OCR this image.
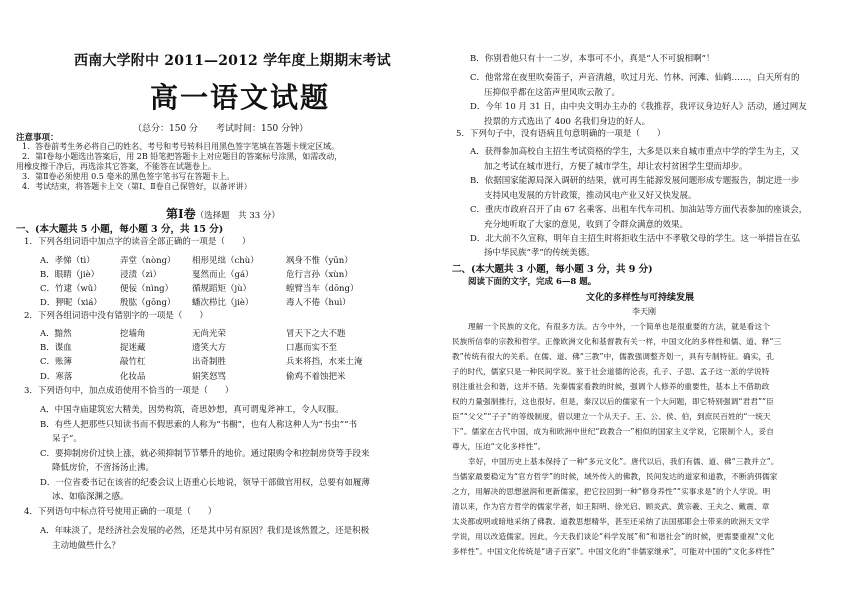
西南大学附中 2011—2012 学年度上期期末考试
高一语文试题
（总分：150 分　　考试时间：150 分钟）
注意事项：
1．答卷前考生务必将自己的姓名、考号和考号转科目用黑色签字笔填在答题卡规定区域。
2．第Ⅰ卷每小题选出答案后，用 2B 铅笔把答题卡上对应题目的答案标号涂黑，如需改动，
用橡皮擦干净后，再选涂其它答案，不能答在试题卷上。
3．第Ⅱ卷必须使用 0.5 毫米的黑色签字笔书写在答题卡上。
4．考试结束，将答题卡上交（第Ⅰ、Ⅱ卷自己保管好，以备评讲）
第Ⅰ卷（选择题　共 33 分）
一、(本大题共 5 小题，每小题 3 分，共 15 分)
1．下列各组词语中加点字的读音全部正确的一项是（　　）
A．孝悌（tì）	弄堂（nòng） 相形见绌（chù）	飒身不惟（yūn）
B．眼睛（jiè） 浸渍（zì）	戛然而止（gá）	危行言孙（xùn）
C．竹逮（wǔ） 便佞（nìng） 循规蹈矩（jù）	蝗臂当车（dōng）
D．狎昵（xiá） 殷肱（gōng） 蟠次栉比（jiè）	毒人不倦（huì）
2．下列各组词语中没有错别字的一项是（　　）
A．黯然	挖墙角	无尚光荣	冒天下之大不韪
B．谍血	捉迷藏	遗笑大方	口惠而实不至
C．账簿	敲竹杠	出奇制胜	兵来将挡，水来土淹
D．寒落	化妆品	娟笑怒骂	偷鸡不着蚀把米
3．下列语句中，加点成语使用不恰当的一项是（　　）
A．中国寺庙建筑宏大精美，因势构筑，奇思妙想，真可谓鬼斧神工，令人叹服。
B．有些人把那些只知读书而不假思索的人称为“书橱”，也有人称这种人为“书虫”“书
呆子”。
C．要抑制房价过快上涨，就必须抑制节节攀升的地价。通过限购令和控制房贷等手段来
降低房价，不啻扬汤止沸。
D．一位省委书记在该省的纪委会议上语重心长地说，领导干部做官用权，总要有如履薄
冰、如临深渊之感。
4．下列语句中标点符号使用正确的一项是（　　）
A．年味淡了，是经济社会发展的必然，还是其中另有原因？我们是该然置之，还是积极
主动地做些什么？
B．你别看他只有十一二岁，本事可不小，真是“人不可貌相啊”！
C．他常常在夜里吹奏笛子，声音清越，吹过月光、竹林、河滩、仙鹤……，白天所有的
压抑似乎都在这笛声里风吹云散了。
D．今年 10 月 31 日，由中央文明办主办的《我推荐，我评议身边好人》活动，通过网友
投票的方式选出了 400 名我们身边的好人。
5．下列句子中，没有语病且句意明确的一项是（　　）
A．获得参加高校自主招生考试资格的学生，大多是以来自城市重点中学的学生为主，又
加之考试在城市进行，方便了城市学生，却让农村贫困学生望而却步。
B．依据国家能源局深入调研的结果，就可再生能源发展问题形成专题报告，制定进一步
支持风电发展的方针政策，推动风电产业又好又快发展。
C．重庆市政府召开了由 67 名乘客、出租车代车司机、加油站等方面代表参加的座谈会，
充分地听取了大家的意见，收到了令群众满意的效果。
D．北大前不久宣称，明年自主招生时将拒收生活中不孝敬父母的学生。这一举措旨在弘
扬中华民族“孝”的传统美德。
二、(本大题共 3 小题，每小题 3 分，共 9 分)
阅读下面的文字，完成 6—8 题。
文化的多样性与可持续发展
李天刚
理解一个民族的文化，有很多方法。古今中外，一个简单也是很重要的方法，就是看这个
民族所信奉的宗教和哲学。正像欧洲文化和基督教有关一样，中国文化的多样性和儒、道、释“三
教”传统有很大的关系。在儒、道、佛“三教”中，儒教强调整齐划一，具有专制特征。确实，孔
子的时代，儒家只是一种民间学说。鉴于社会道德的沦丧，孔子、子思、孟子这一派的学说特
别注重社会和谐，这并不错。先秦儒家看教的时候，强调个人修养的重要性，基本上不借助政
权的力量强制推行，这也很好。但是，秦汉以后的儒家有一个大问题，即它特别强调“君君”“臣
臣”“父父”“子子”的等级制度，借以建立一个从天子、王、公、侯、伯，到庶民百姓的“一统天
下”。儒家在古代中国，成为和欧洲中世纪“政教合一”相似的国家主义学说，它限制个人，妥自
尊大，压迫“文化多样性”。
幸好，中国历史上基本保持了一种“多元文化”。唐代以后，我们有儒、道、佛“三教并立”。
当儒家最要稳定为“官方哲学”的时候，域外传入的佛教，民间发达的道家和道教，不断消弭儒家
之方，用解决的思想滋润和更新儒家，把它拉回到一种“修身养性”“实事求是”的个人学说。明
清以来，作为官方哲学的儒家学者，如王阳明、徐光启、顾炎武、黄宗羲、王夫之、戴震、章
太炎都或明或暗地采纳了佛教、道教思想精华，甚至还采纳了法国那耶会士带来的欧洲天文学
学说，用以改造儒家。因此，今天我们谈论“科学发展”和“和谐社会”的时候，更需要重视“文化
多样性”。中国文化传统是“诸子百家”。中国文化的“非儒家继承”，可能对中国的“文化多样性”
